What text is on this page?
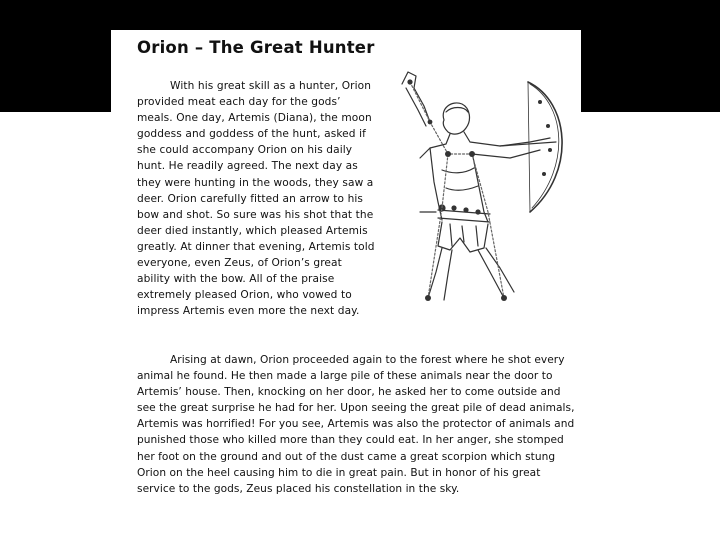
Orion – The Great Hunter

With his great skill as a hunter, Orion provided meat each day for the gods’ meals. One day, Artemis (Diana), the moon goddess and goddess of the hunt, asked if she could accompany Orion on his daily hunt. He readily agreed. The next day as they were hunting in the woods, they saw a deer. Orion carefully fitted an arrow to his bow and shot. So sure was his shot that the deer died instantly, which pleased Artemis greatly. At dinner that evening, Artemis told everyone, even Zeus, of Orion’s great ability with the bow. All of the praise extremely pleased Orion, who vowed to impress Artemis even more the next day.

Arising at dawn, Orion proceeded again to the forest where he shot every animal he found. He then made a large pile of these animals near the door to Artemis’ house. Then, knocking on her door, he asked her to come outside and see the great surprise he had for her. Upon seeing the great pile of dead animals, Artemis was horrified! For you see, Artemis was also the protector of animals and punished those who killed more than they could eat. In her anger, she stomped her foot on the ground and out of the dust came a great scorpion which stung Orion on the heel causing him to die in great pain. But in honor of his great service to the gods, Zeus placed his constellation in the sky.
